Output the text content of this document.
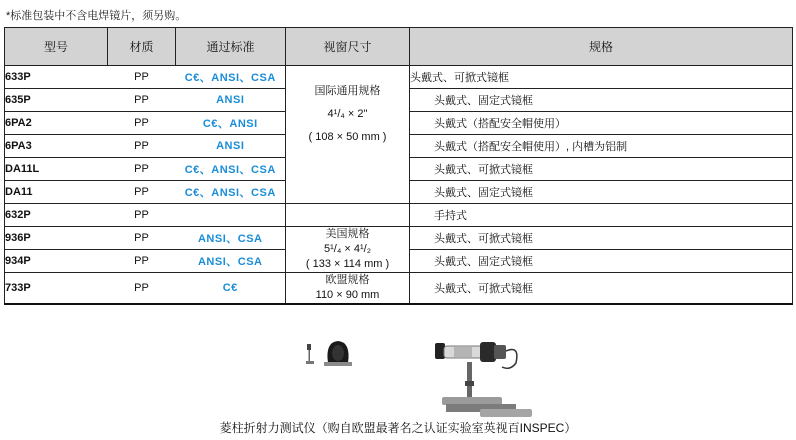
*标准包装中不含电焊镜片，须另购。
型号	材质	通过标准	视窗尺寸	规格
633P	PP	C€、ANSI、CSA	国际通用规格
4¹/₄ × 2"
( 108 × 50 mm )	头戴式、可掀式镜框
635P	PP	ANSI		头戴式、固定式镜框
6PA2	PP	C€、ANSI		头戴式（搭配安全帽使用）
6PA3	PP	ANSI		头戴式（搭配安全帽使用）, 内槽为铝制
DA11L	PP	C€、ANSI、CSA		头戴式、可掀式镜框
DA11	PP	C€、ANSI、CSA		头戴式、固定式镜框
632P	PP			手持式
936P	PP	ANSI、CSA	美国规格
5¹/₄ × 4¹/₂
( 133 × 114 mm )	头戴式、可掀式镜框
934P	PP	ANSI、CSA		头戴式、固定式镜框
733P	PP	C€	欧盟规格
110 × 90 mm	头戴式、可掀式镜框
菱柱折射力测试仪（购自欧盟最著名之认证实验室英视百INSPEC）
